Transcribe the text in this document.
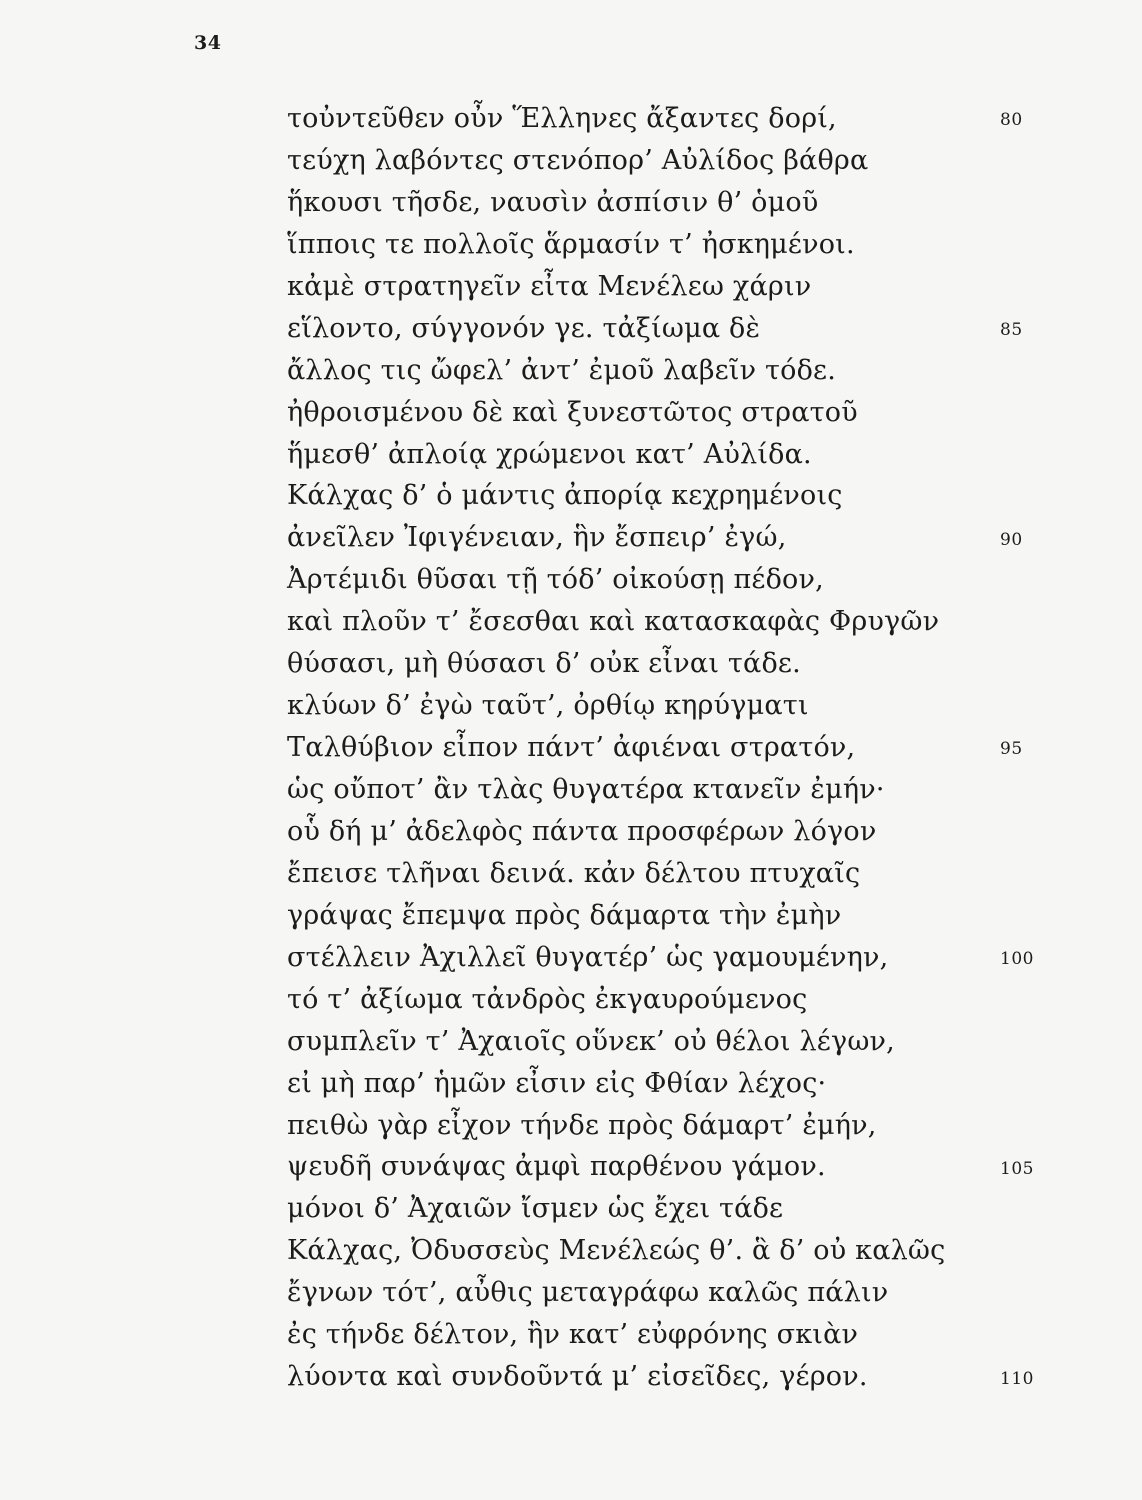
34
τοὐντεῦθεν οὖν Ἕλληνες ἄξαντες δορί,
τεύχη λαβόντες στενόπορ’ Αὐλίδος βάθρα
ἥκουσι τῆσδε, ναυσὶν ἀσπίσιν θ’ ὁμοῦ
ἵπποις τε πολλοῖς ἅρμασίν τ’ ἠσκημένοι.
κἀμὲ στρατηγεῖν εἶτα Μενέλεω χάριν
εἵλοντο, σύγγονόν γε. τἀξίωμα δὲ
ἄλλος τις ὤφελ’ ἀντ’ ἐμοῦ λαβεῖν τόδε.
ἠθροισμένου δὲ καὶ ξυνεστῶτος στρατοῦ
ἥμεσθ’ ἀπλοίᾳ χρώμενοι κατ’ Αὐλίδα.
Κάλχας δ’ ὁ μάντις ἀπορίᾳ κεχρημένοις
ἀνεῖλεν Ἰφιγένειαν, ἣν ἔσπειρ’ ἐγώ,
Ἀρτέμιδι θῦσαι τῇ τόδ’ οἰκούσῃ πέδον,
καὶ πλοῦν τ’ ἔσεσθαι καὶ κατασκαφὰς Φρυγῶν
θύσασι, μὴ θύσασι δ’ οὐκ εἶναι τάδε.
κλύων δ’ ἐγὼ ταῦτ’, ὀρθίῳ κηρύγματι
Ταλθύβιον εἶπον πάντ’ ἀφιέναι στρατόν,
ὡς οὔποτ’ ἂν τλὰς θυγατέρα κτανεῖν ἐμήν·
οὗ δή μ’ ἀδελφὸς πάντα προσφέρων λόγον
ἔπεισε τλῆναι δεινά. κἀν δέλτου πτυχαῖς
γράψας ἔπεμψα πρὸς δάμαρτα τὴν ἐμὴν
στέλλειν Ἀχιλλεῖ θυγατέρ’ ὡς γαμουμένην,
τό τ’ ἀξίωμα τἀνδρὸς ἐκγαυρούμενος
συμπλεῖν τ’ Ἀχαιοῖς οὕνεκ’ οὐ θέλοι λέγων,
εἰ μὴ παρ’ ἡμῶν εἶσιν εἰς Φθίαν λέχος·
πειθὼ γὰρ εἶχον τήνδε πρὸς δάμαρτ’ ἐμήν,
ψευδῆ συνάψας ἀμφὶ παρθένου γάμον.
μόνοι δ’ Ἀχαιῶν ἴσμεν ὡς ἔχει τάδε
Κάλχας, Ὀδυσσεὺς Μενέλεώς θ’. ἃ δ’ οὐ καλῶς
ἔγνων τότ’, αὖθις μεταγράφω καλῶς πάλιν
ἐς τήνδε δέλτον, ἣν κατ’ εὐφρόνης σκιὰν
λύοντα καὶ συνδοῦντά μ’ εἰσεῖδες, γέρον.
80
85
90
95
100
105
110
